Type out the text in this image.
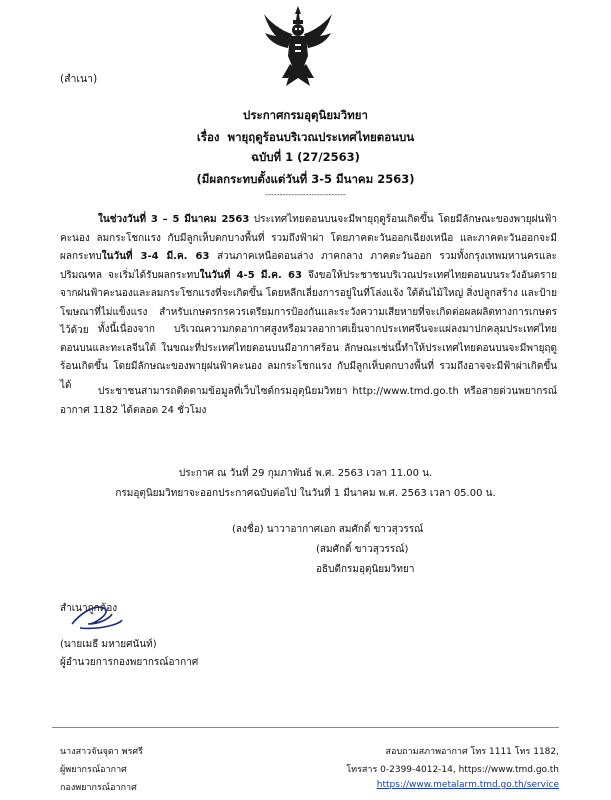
(สำเนา)
ประกาศกรมอุตุนิยมวิทยา
เรื่อง พายุฤดูร้อนบริเวณประเทศไทยตอนบน
ฉบับที่ 1 (27/2563)
(มีผลกระทบตั้งแต่วันที่ 3-5 มีนาคม 2563)
----------------------------
ในช่วงวันที่ 3 – 5 มีนาคม 2563 ประเทศไทยตอนบนจะมีพายุฤดูร้อนเกิดขึ้น โดยมีลักษณะของพายุฝนฟ้าคะนอง ลมกระโชกแรง กับมีลูกเห็บตกบางพื้นที่ รวมถึงฟ้าผ่า โดยภาคตะวันออกเฉียงเหนือ และภาคตะวันออกจะมีผลกระทบในวันที่ 3-4 มี.ค. 63 ส่วนภาคเหนือตอนล่าง ภาคกลาง ภาคตะวันออก รวมทั้งกรุงเทพมหานครและปริมณฑล จะเริ่มได้รับผลกระทบในวันที่ 4-5 มี.ค. 63 จึงขอให้ประชาชนบริเวณประเทศไทยตอนบนระวังอันตรายจากฝนฟ้าคะนองและลมกระโชกแรงที่จะเกิดขึ้น โดยหลีกเลี่ยงการอยู่ในที่โล่งแจ้ง ใต้ต้นไม้ใหญ่ สิ่งปลูกสร้าง และป้ายโฆษณาที่ไม่แข็งแรง สำหรับเกษตรกรควรเตรียมการป้องกันและระวังความเสียหายที่จะเกิดต่อผลผลิตทางการเกษตรไว้ด้วย ทั้งนี้เนื่องจาก บริเวณความกดอากาศสูงหรือมวลอากาศเย็นจากประเทศจีนจะแผ่ลงมาปกคลุมประเทศไทยตอนบนและทะเลจีนใต้ ในขณะที่ประเทศไทยตอนบนมีอากาศร้อน ลักษณะเช่นนี้ทำให้ประเทศไทยตอนบนจะมีพายุฤดูร้อนเกิดขึ้น โดยมีลักษณะของพายุฝนฟ้าคะนอง ลมกระโชกแรง กับมีลูกเห็บตกบางพื้นที่ รวมถึงอาจจะมีฟ้าผ่าเกิดขึ้นได้
ประชาชนสามารถติดตามข้อมูลที่เว็บไซต์กรมอุตุนิยมวิทยา http://www.tmd.go.th หรือสายด่วนพยากรณ์อากาศ 1182 ได้ตลอด 24 ชั่วโมง
ประกาศ ณ วันที่ 29 กุมภาพันธ์ พ.ศ. 2563 เวลา 11.00 น.
กรมอุตุนิยมวิทยาจะออกประกาศฉบับต่อไป ในวันที่ 1 มีนาคม พ.ศ. 2563 เวลา 05.00 น.
(ลงชื่อ) นาวาอากาศเอก สมศักดิ์ ขาวสุวรรณ์
(สมศักดิ์ ขาวสุวรรณ์)
อธิบดีกรมอุตุนิยมวิทยา
สำเนาถูกต้อง
(นายเมธี มหายศนันท์)
ผู้อำนวยการกองพยากรณ์อากาศ
นางสาวจันจุดา พรศรี
ผู้พยากรณ์อากาศ
กองพยากรณ์อากาศ
สอบถามสภาพอากาศ โทร 1111 โทร 1182,
โทรสาร 0-2399-4012-14, https://www.tmd.go.th
https://www.metalarm.tmd.go.th/service
